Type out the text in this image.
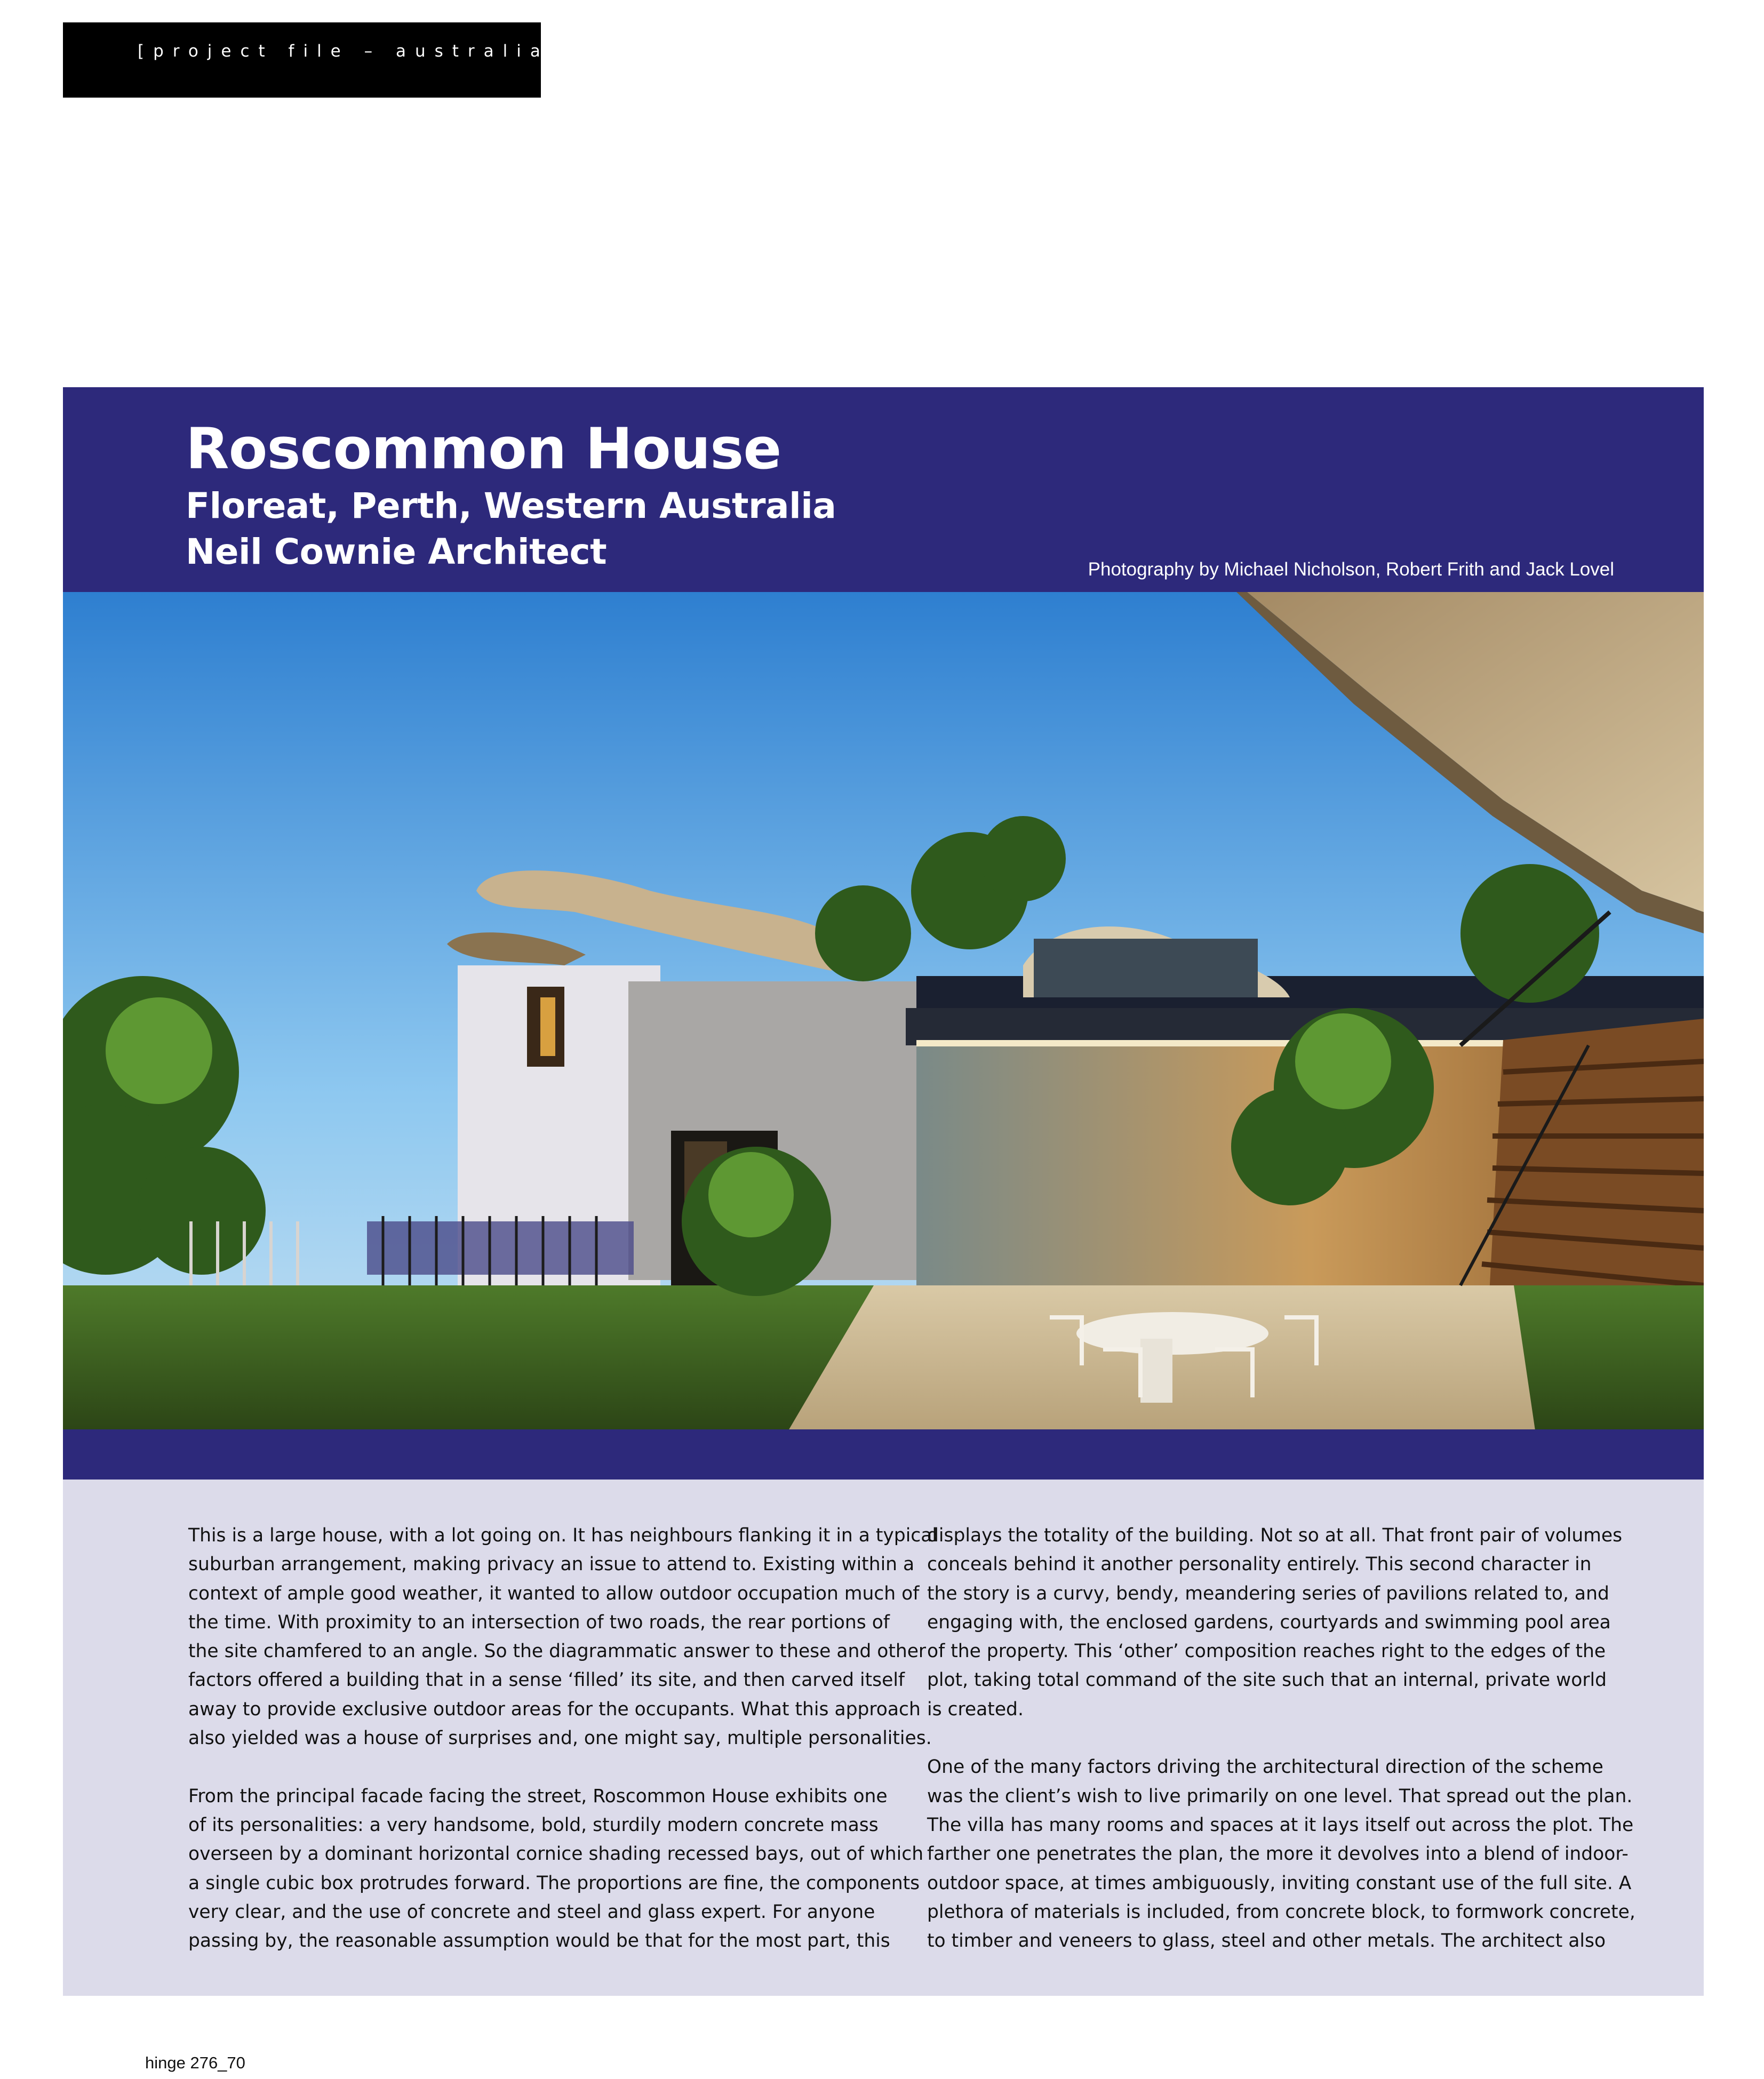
[project file – australia]
Roscommon House
Floreat, Perth, Western Australia
Neil Cownie Architect	Photography by Michael Nicholson, Robert Frith and Jack Lovel

This is a large house, with a lot going on. It has neighbours flanking it in a typical
suburban arrangement, making privacy an issue to attend to. Existing within a
context of ample good weather, it wanted to allow outdoor occupation much of
the time. With proximity to an intersection of two roads, the rear portions of
the site chamfered to an angle. So the diagrammatic answer to these and other
factors offered a building that in a sense ‘filled’ its site, and then carved itself
away to provide exclusive outdoor areas for the occupants. What this approach
also yielded was a house of surprises and, one might say, multiple personalities.

From the principal facade facing the street, Roscommon House exhibits one
of its personalities: a very handsome, bold, sturdily modern concrete mass
overseen by a dominant horizontal cornice shading recessed bays, out of which
a single cubic box protrudes forward. The proportions are fine, the components
very clear, and the use of concrete and steel and glass expert. For anyone
passing by, the reasonable assumption would be that for the most part, this

displays the totality of the building. Not so at all. That front pair of volumes
conceals behind it another personality entirely. This second character in
the story is a curvy, bendy, meandering series of pavilions related to, and
engaging with, the enclosed gardens, courtyards and swimming pool area
of the property. This ‘other’ composition reaches right to the edges of the
plot, taking total command of the site such that an internal, private world
is created.

One of the many factors driving the architectural direction of the scheme
was the client’s wish to live primarily on one level. That spread out the plan.
The villa has many rooms and spaces at it lays itself out across the plot. The
farther one penetrates the plan, the more it devolves into a blend of indoor-
outdoor space, at times ambiguously, inviting constant use of the full site. A
plethora of materials is included, from concrete block, to formwork concrete,
to timber and veneers to glass, steel and other metals. The architect also

hinge 276_70
